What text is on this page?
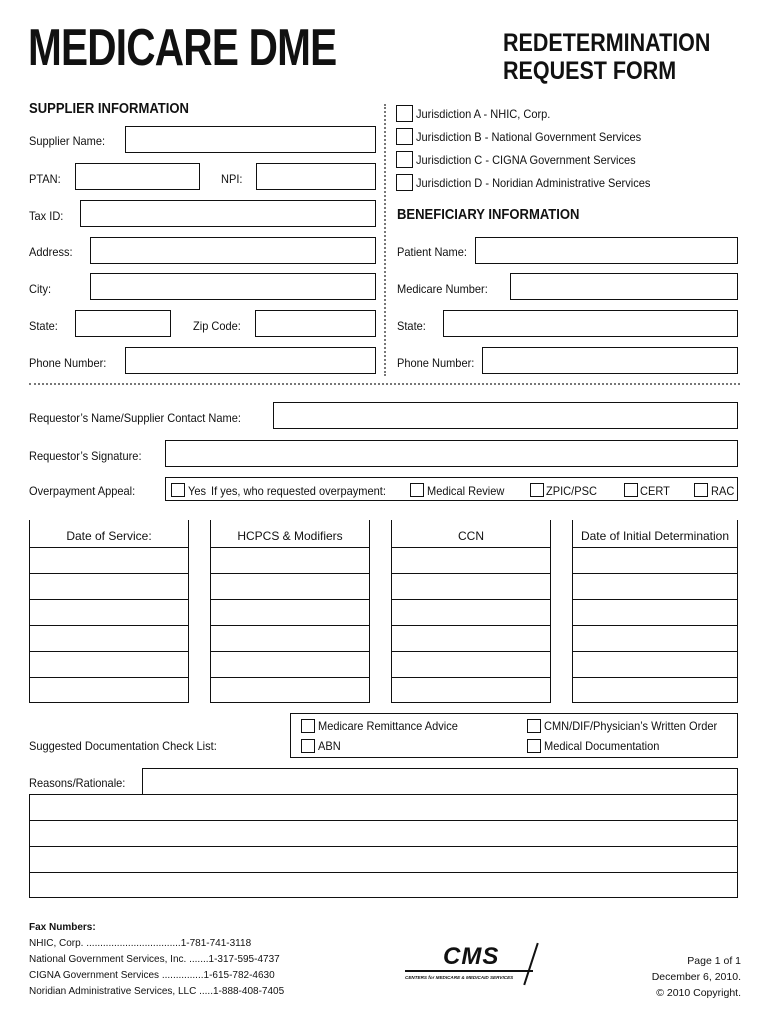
MEDICARE DME	REDETERMINATION
REQUEST FORM
SUPPLIER INFORMATION
Supplier Name:
PTAN:	NPI:
Tax ID:
Address:
City:
State:	Zip Code:
Phone Number:
Jurisdiction A - NHIC, Corp.
Jurisdiction B - National Government Services
Jurisdiction C - CIGNA Government Services
Jurisdiction D - Noridian Administrative Services
BENEFICIARY INFORMATION
Patient Name:
Medicare Number:
State:
Phone Number:
Requestor’s Name/Supplier Contact Name:
Requestor’s Signature:
Overpayment Appeal:	Yes If yes, who requested overpayment:	Medical Review	ZPIC/PSC	CERT	RAC
Date of Service:	HCPCS & Modifiers	CCN	Date of Initial Determination
Suggested Documentation Check List:
Medicare Remittance Advice
ABN
CMN/DIF/Physician’s Written Order
Medical Documentation
Reasons/Rationale:
Fax Numbers:
NHIC, Corp. ..................................1-781-741-3118
National Government Services, Inc. .......1-317-595-4737
CIGNA Government Services ...............1-615-782-4630
Noridian Administrative Services, LLC .....1-888-408-7405
CMS
CENTERS for MEDICARE & MEDICAID SERVICES
Page 1 of 1
December 6, 2010.
© 2010 Copyright.
